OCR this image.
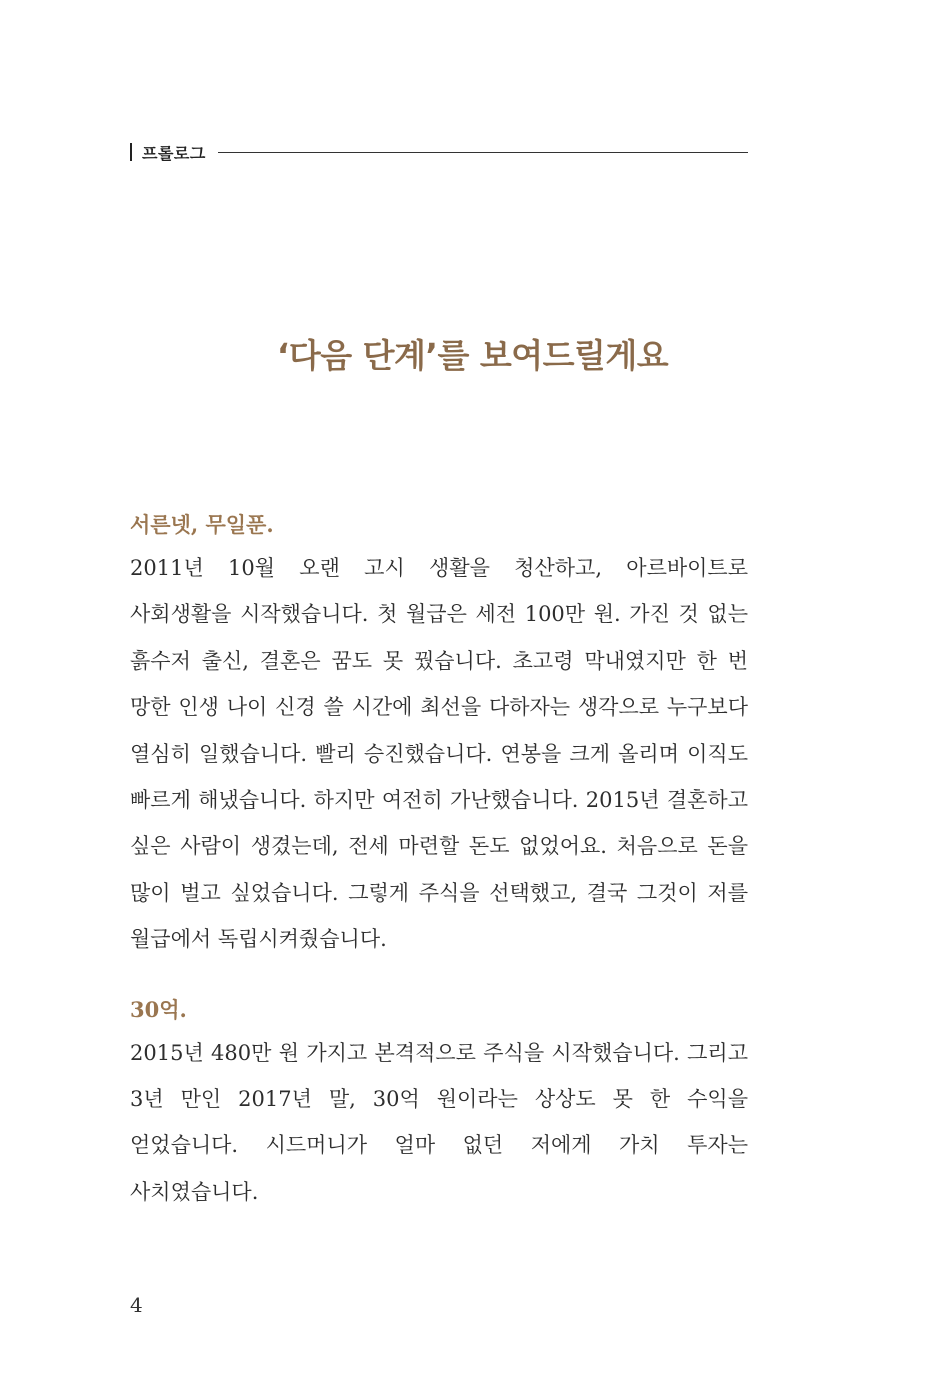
프롤로그
‘다음 단계’를 보여드릴게요
서른넷, 무일푼.

2011년 10월 오랜 고시 생활을 청산하고, 아르바이트로 사회생활을 시작했습니다. 첫 월급은 세전 100만 원. 가진 것 없는 흙수저 출신, 결혼은 꿈도 못 꿨습니다. 초고령 막내였지만 한 번 망한 인생 나이 신경 쓸 시간에 최선을 다하자는 생각으로 누구보다 열심히 일했습니다. 빨리 승진했습니다. 연봉을 크게 올리며 이직도 빠르게 해냈습니다. 하지만 여전히 가난했습니다. 2015년 결혼하고 싶은 사람이 생겼는데, 전세 마련할 돈도 없었어요. 처음으로 돈을 많이 벌고 싶었습니다. 그렇게 주식을 선택했고, 결국 그것이 저를 월급에서 독립시켜줬습니다.

30억.

2015년 480만 원 가지고 본격적으로 주식을 시작했습니다. 그리고 3년 만인 2017년 말, 30억 원이라는 상상도 못 한 수익을 얻었습니다. 시드머니가 얼마 없던 저에게 가치 투자는 사치였습니다.

4
